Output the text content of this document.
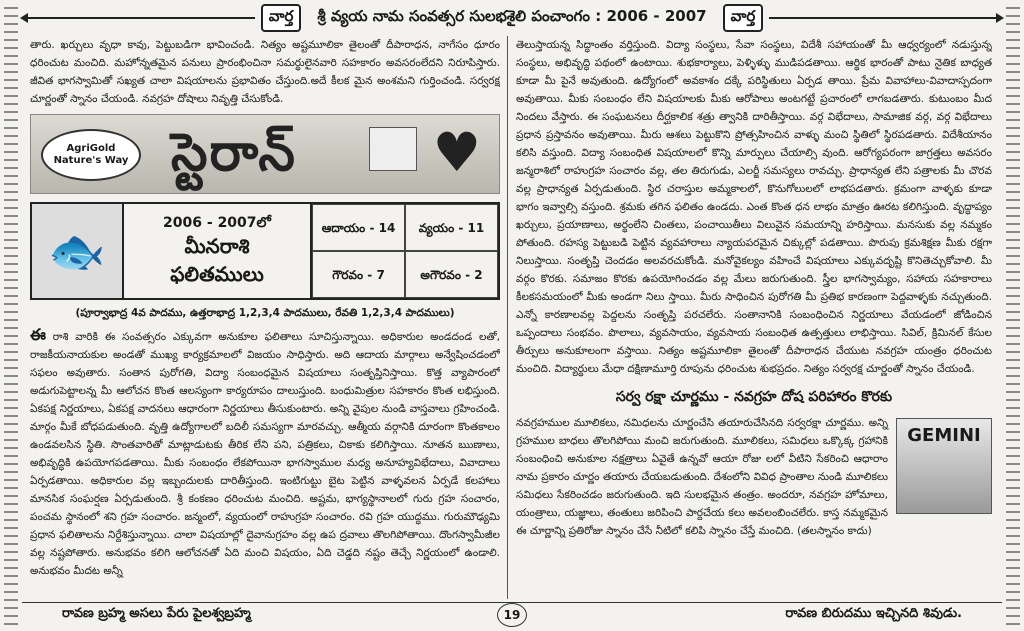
వార్త	శ్రీ వ్యయ నామ సంవత్సర సులభశైలి పంచాంగం : 2006 - 2007	వార్త

తారు. ఖర్చులు వృధా కావు, పెట్టుబడిగా భావించండి. నిత్యం అష్టమూలికా తైలంతో దీపారాధన, నాగేసం ధూరం ధరించుట మంచిది. మహోన్నతమైన పనులు ప్రారంభించినా సమర్థులైనవారి సహకారం అవసరంలేదని నిరూపిస్తారు. జీవిత భాగస్వామితో సఖ్యత చాలా విషయాలను ప్రభావితం చేస్తుంది.అదే కీలక మైన అంశమని గుర్తించండి. సర్వరక్ష చూర్ణంతో స్నానం చేయండి. నవగ్రహ దోషాలు నివృత్తి చేసుకోండి.

AgriGold
Nature's Way స్టెరాన్	♥
🐟
2006 - 2007లో
మీనరాశి
ఫలితములు
ఆదాయం - 14	వ్యయం - 11
గౌరవం - 7	అగౌరవం - 2
(పూర్వాభాద్ర 4వ పాదము, ఉత్తరాభాద్ర 1,2,3,4 పాదములు, రేవతి 1,2,3,4 పాదములు)

ఈ రాశి వారికి ఈ సంవత్సరం ఎక్కువగా అనుకూల ఫలితాలు సూచిస్తున్నాయి. అధికారుల అండదండ లతో, రాజకీయనాయకుల అండతో ముఖ్య కార్యక్రమాలలో విజయం సాధిస్తారు. అది ఆదాయ మార్గాలు అన్వేషించడంలో సఫలం అవుతారు. సంతాన పురోగతి, విద్యా సంబంధమైన విషయాలు సంతృప్తినిస్తాయి. కొత్త వ్యాపారంలో అడుగుపెట్టాలన్న మీ ఆలోచన కొంత ఆలస్యంగా కార్యరూపం దాలుస్తుంది. బంధుమిత్రుల సహకారం కొంత లభిస్తుంది. ఏకపక్ష నిర్ణయాలు, ఏకపక్ష వాదనలు ఆధారంగా నిర్ణయాలు తీసుకుంటారు. అన్ని వైపుల నుండి వాస్తవాలు గ్రహించండి. మార్గం మీకే బోధపడుతుంది. వృత్తి ఉద్యోగాలలో బదిలీ సమస్యగా మారవచ్చు. ఆత్మీయ వర్గానికి దూరంగా కొంతకాలం ఉండవలసిన స్థితి. సొంతవారితో మాట్లాడుటకు తీరిక లేని పని, పత్రికలు, చికాకు కలిగిస్తాయి. నూతన ఋణాలు, అభివృద్ధికి ఉపయోగపడతాయి. మీకు సంబంధం లేకపోయినా భాగస్వాముల మధ్య అనూహ్యవిభేదాలు, వివాదాలు ఏర్పడతాయి. అధికారుల వల్ల ఇబ్బందులకు దారితీస్తుంది. ఇంటిగుట్టు బైట పెట్టిన వాళ్ళవలన ఏర్పడే కలహాలు మానసిక సంఘర్షణ ఏర్పడుతుంది. శ్రీ కంకణం ధరించుట మంచిది. అష్టమ, భాగ్యస్థానాలలో గురు గ్రహ సంచారం, పంచమ స్థానంలో శని గ్రహ సంచారం. జన్మంలో, వ్యయంలో రాహుగ్రహ సంచారం. రవి గ్రహ యుద్ధము. గురుమౌఢ్యమి ప్రధాన ఫలితాలను నిర్దేశిస్తున్నాయి. చాలా విషయాల్లో దైవానుగ్రహం వల్ల ఉప ద్రవాలు తొలగిపోతాయి. దొంగస్వామీజీల వల్ల నష్టపోతారు. అనుభవం కలిగి ఆలోచనతో ఏది మంచి విషయం, ఏది చెడ్డది నష్టం తెచ్చే నిర్ణయంలో ఉండాలి. అనుభవం మీదట అన్నీ

తెలుస్తాయన్న సిద్ధాంతం వర్తిస్తుంది. విద్యా సంస్థలు, సేవా సంస్థలు, విదేశీ సహాయంతో మీ ఆధ్వర్యంలో నడుస్తున్న సంస్థలు, అభివృద్ధి పథంలో ఉంటాయి. శుభకార్యాలు, పెళ్ళిళ్ళు ముడిపడతాయి. ఆర్థిక భారంతో పాటు నైతిక బాధ్యత కూడా మీ పైనే అవుతుంది. ఉద్యోగంలో అవకాశం దక్కే పరిస్థితులు ఏర్పడ తాయి. ప్రేమ వివాహాలు-వివాదాస్పదంగా అవుతాయి. మీకు సంబంధం లేని విషయాలకు మీకు ఆరోపాలు అంటగట్టే ప్రచారంలో లాగబడతారు. కుటుంబం మీద నిందలు వేస్తారు. ఈ సంఘటనలు దీర్ఘకాలిక శత్రు త్వానికి దారితీస్తాయి. వర్గ విభేదాలు, సామాజిక వర్గ, వర్గ విభేదాలు ప్రధాన ప్రస్తావనం అవుతాయి. మీరు ఆశలు పెట్టుకొని ప్రోత్సహించిన వాళ్ళు మంచి స్థితిలో స్థిరపడతారు. విదేశీయానం కలిసి వస్తుంది. విద్యా సంబంధిత విషయాలలో కొన్ని మార్పులు చేయాల్సి వుంది. ఆరోగ్యపరంగా జాగ్రత్తలు అవసరం జన్మరాశిలో రాహుగ్రహ సంచారం వల్ల, తల తిరుగుడు, ఎలర్జీ సమస్యలు రావచ్చు. ప్రాధాన్యత లేని పత్రాలకు మీ చొరవ వల్ల ప్రాధాన్యత ఏర్పడుతుంది. స్థిర చరాస్తుల అమ్మకాలలో, కొనుగోలులలో లాభపడతారు. క్రమంగా వాళ్ళకు కూడా భాగం ఇవ్వాల్సి వస్తుంది. శ్రమకు తగిన ఫలితం ఉండదు. ఎంత కొంత ధన లాభం మాత్రం ఊరట కలిగిస్తుంది. వృద్ధాప్యం ఖర్చులు, ప్రయాణాలు, అర్థంలేని చింతలు, పంచాయితీలు విలువైన సమయాన్ని హరిస్తాయి. మనసుకు వల్ల నమ్మకం పోతుంది. రహస్య పెట్టుబడి పెట్టిన వ్యవహారాలు న్యాయపరమైన చిక్కుల్లో పడతాయి. పొరుపు క్రమశిక్షణ మీకు రక్షగా నిలుస్తాయి. సంతృప్తి చెందడం అలవరచుకోండి. మనోవైకల్యం వహించే విషయాలు ఎక్కువదృష్టి కొనితెచ్చుకోవాలి. మీ వర్గం కొరకు. సమాజం కొరకు ఉపయోగించడం వల్ల మేలు జరుగుతుంది. స్త్రీల భాగస్వామ్యం, సహాయ సహకారాలు కీలకసమయంలో మీకు అండగా నిలు స్తాయి. మీరు సాధించిన పురోగతి మీ ప్రతిభ కారణంగా పెద్దవాళ్ళకు నచ్చుతుంది. ఎన్నో కారణాలవల్ల పెద్దలను సంతృప్తి పరచలేరు. సంతానానికి సంబంధించిన నిర్ణయాలు వేయడంలో జోడించిన ఒప్పందాలు సంభవం. పొలాలు, వ్యవసాయం, వ్యవసాయ సంబంధిత ఉత్పత్తులు లాభిస్తాయి. సివిల్, క్రిమినల్ కేసుల తీర్పులు అనుకూలంగా వస్తాయి. నిత్యం అష్టమూలికా తైలంతో దీపారాధన చేయుట నవగ్రహ యంత్రం ధరించుట మంచిది. విద్యార్థులు మేధా దక్షిణామూర్తి రూపును ధరించుట శుభప్రదం. నిత్యం సర్వరక్ష చూర్ణంతో స్నానం చేయండి.

సర్వ రక్షా చూర్ణము - నవగ్రహ దోష పరిహారం కొరకు
GEMINI

నవగ్రహముల మూలికలు, నమిధలను చూర్ణంచేసి తయారుచేసినది సర్వరక్షా చూర్ణము. అన్ని గ్రహముల బాధలు తొలగిపోయి మంచి జరుగుతుంది. మూలికలు, సమిధలు ఒక్కొక్క గ్రహానికి సంబంధించి అనుకూల నక్షత్రాలు ఏవైతే ఉన్నవో ఆయా రోజు లలో వీటిని సేకరించి ఆధారాం నామ ప్రకారం చూర్ణం తయారు చేయబడుతుంది. దేశంలోని వివిధ ప్రాంతాల నుండి మూలికలు సమిధలు సేకరించడం జరుగుతుంది. ఇది సులభమైన తంత్రం. అందరూ, నవగ్రహ హోమాలు, యంత్రాలు, యజ్ఞాలు, తంతులు జరిపించి పార్దచేయ కలు అవలంబించలేరు. కాస్త నమ్మకమైన ఈ చూర్ణాన్ని ప్రతిరోజు స్నానం చేసే నీటిలో కలిపి స్నానం చేస్తే మంచిది. (తలస్నానం కాదు)

రావణ బ్రహ్మ అసలు పేరు పైలశ్వబ్రహ్మ	19	రావణ బిరుదము ఇచ్చినది శివుడు.
